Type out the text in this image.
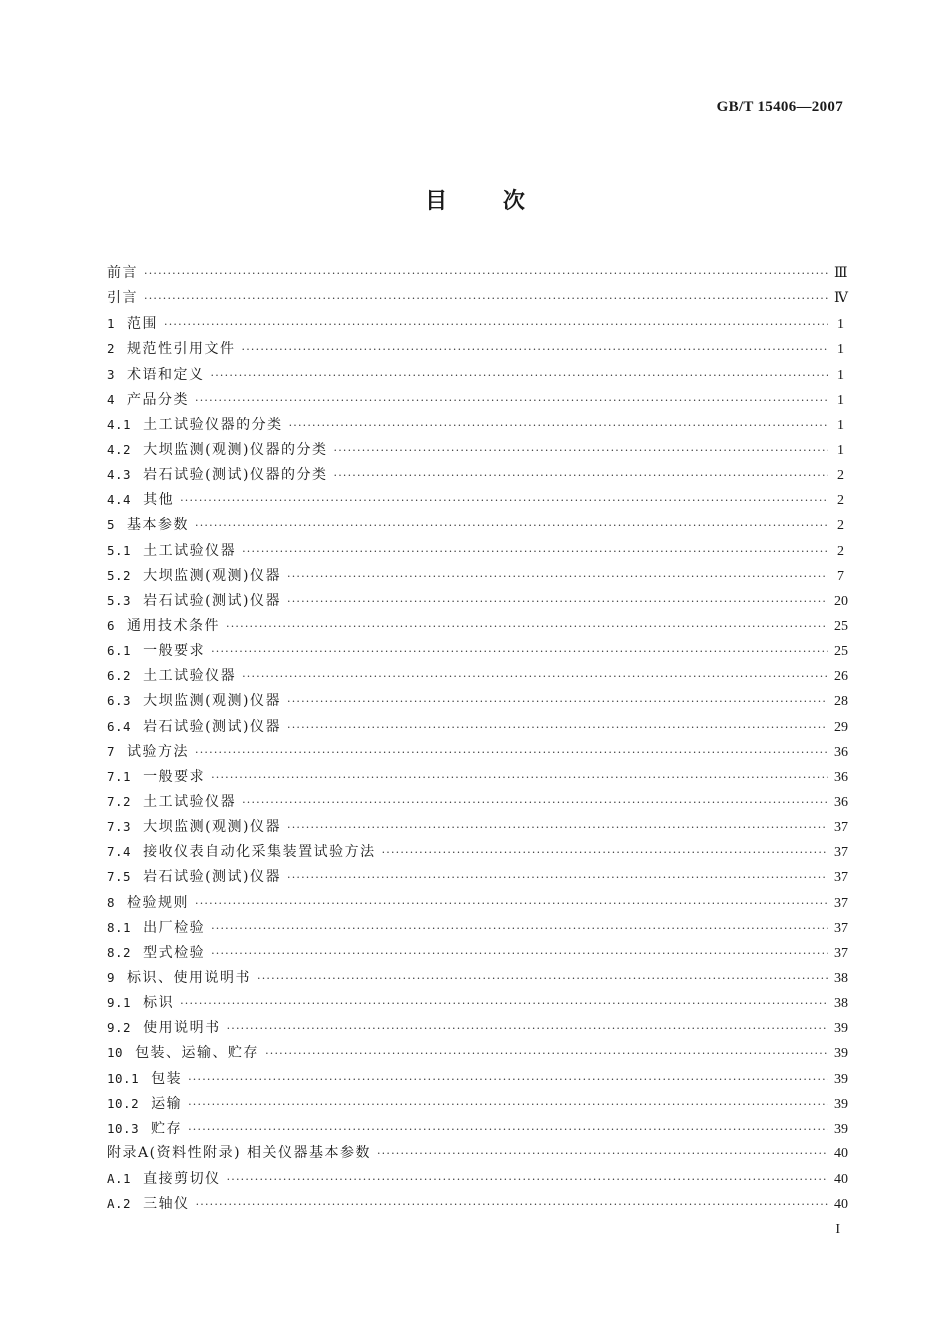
GB/T 15406—2007
目 次
前言 ·····	Ⅲ
引言 ·····	Ⅳ
1 范围 ·····	1
2 规范性引用文件 ·····	1
3 术语和定义 ·····	1
4 产品分类 ·····	1
4.1 土工试验仪器的分类 ·····	1
4.2 大坝监测(观测)仪器的分类 ·····	1
4.3 岩石试验(测试)仪器的分类 ·····	2
4.4 其他 ·····	2
5 基本参数 ·····	2
5.1 土工试验仪器 ·····	2
5.2 大坝监测(观测)仪器 ·····	7
5.3 岩石试验(测试)仪器 ·····	20
6 通用技术条件 ·····	25
6.1 一般要求 ·····	25
6.2 土工试验仪器 ·····	26
6.3 大坝监测(观测)仪器 ·····	28
6.4 岩石试验(测试)仪器 ·····	29
7 试验方法 ·····	36
7.1 一般要求 ·····	36
7.2 土工试验仪器 ·····	36
7.3 大坝监测(观测)仪器 ·····	37
7.4 接收仪表自动化采集装置试验方法 ·····	37
7.5 岩石试验(测试)仪器 ·····	37
8 检验规则 ·····	37
8.1 出厂检验 ·····	37
8.2 型式检验 ·····	37
9 标识、使用说明书 ·····	38
9.1 标识 ·····	38
9.2 使用说明书 ·····	39
10 包装、运输、贮存 ·····	39
10.1 包装 ·····	39
10.2 运输 ·····	39
10.3 贮存 ·····	39
附录A(资料性附录) 相关仪器基本参数 ·····	40
A.1 直接剪切仪 ·····	40
A.2 三轴仪 ·····	40
I
